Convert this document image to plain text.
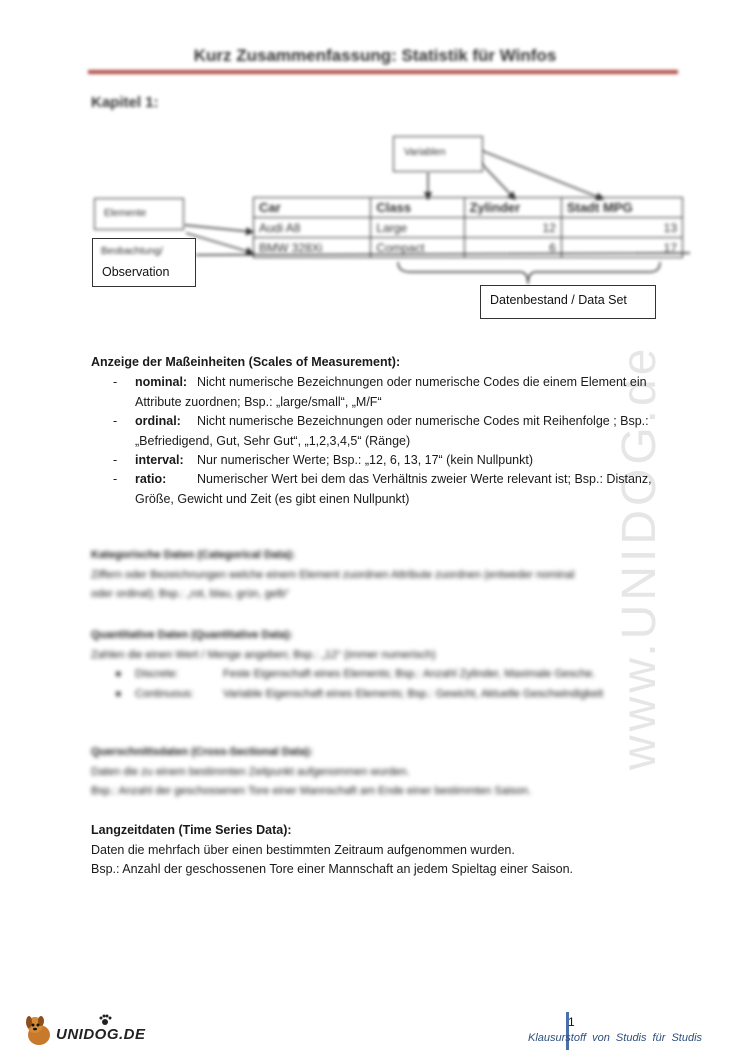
Kurz Zusammenfassung: Statistik für Winfos
Kapitel 1:
Variablen
Elemente
Beobachtung/
Observation
Car	Class	Zylinder	Stadt MPG
Audi A8	Large	12	13
BMW 328Xi	Compact	6	17
Datenbestand / Data Set
www.UNIDOG.de
Anzeige der Maßeinheiten (Scales of Measurement):
- nominal: Nicht numerische Bezeichnungen oder numerische Codes die einem Element ein
Attribute zuordnen; Bsp.: „large/small“, „M/F“
- ordinal: Nicht numerische Bezeichnungen oder numerische Codes mit Reihenfolge ; Bsp.:
„Befriedigend, Gut, Sehr Gut“, „1,2,3,4,5“ (Ränge)
- interval: Nur numerischer Werte; Bsp.: „12, 6, 13, 17“ (kein Nullpunkt)
- ratio: Numerischer Wert bei dem das Verhältnis zweier Werte relevant ist; Bsp.: Distanz,
Größe, Gewicht und Zeit (es gibt einen Nullpunkt)
Kategorische Daten (Categorical Data):
Ziffern oder Bezeichnungen welche einem Element zuordnen Attribute zuordnen (entweder nominal
oder ordinal); Bsp.: „rot, blau, grün, gelb“
Quantitative Daten (Quantitative Data):
Zahlen die einen Wert / Menge angeben; Bsp.: „12“ (immer numerisch)
● Discrete:	Feste Eigenschaft eines Elements; Bsp.: Anzahl Zylinder, Maximale Gesche.
● Continuous:	Variable Eigenschaft eines Elements; Bsp.: Gewicht, Aktuelle Geschwindigkeit
Querschnittsdaten (Cross-Sectional Data):
Daten die zu einem bestimmten Zeitpunkt aufgenommen wurden.
Bsp.: Anzahl der geschossenen Tore einer Mannschaft am Ende einer bestimmten Saison.
Langzeitdaten (Time Series Data):
Daten die mehrfach über einen bestimmten Zeitraum aufgenommen wurden.
Bsp.: Anzahl der geschossenen Tore einer Mannschaft an jedem Spieltag einer Saison.
UNIDOG.DE
1
Klausurstoff von Studis für Studis
